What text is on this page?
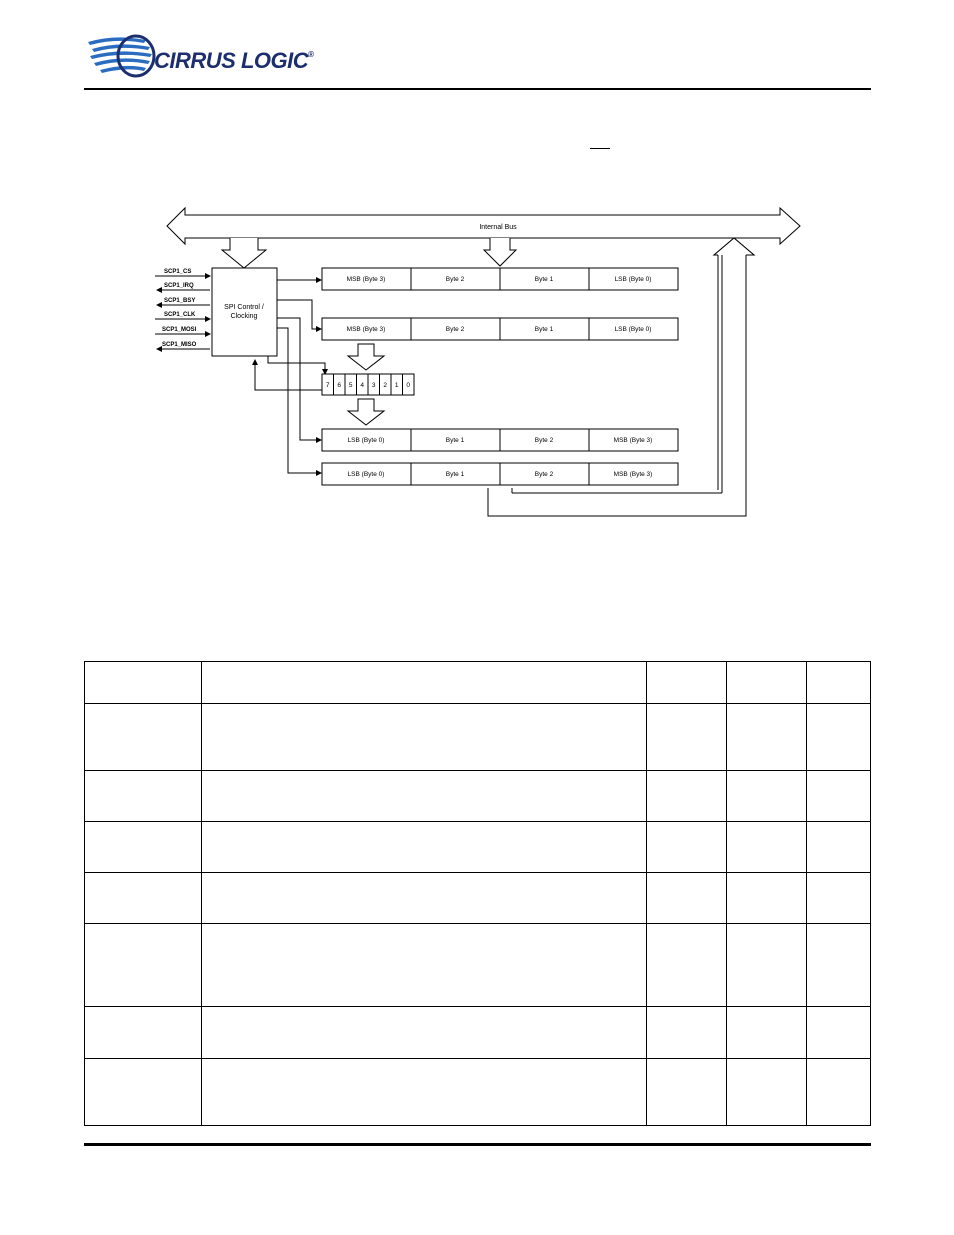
CIRRUS LOGIC®
Internal Bus
SPI Control /
Clocking
SCP1_CS
SCP1_IRQ
SCP1_BSY
SCP1_CLK
SCP1_MOSI
SCP1_MISO
MSB (Byte 3)	Byte 2	Byte 1	LSB (Byte 0)
MSB (Byte 3)	Byte 2	Byte 1	LSB (Byte 0)
LSB (Byte 0)	Byte 1	Byte 2	MSB (Byte 3)
LSB (Byte 0)	Byte 1	Byte 2	MSB (Byte 3)
7 6 5 4 3 2 1 0
